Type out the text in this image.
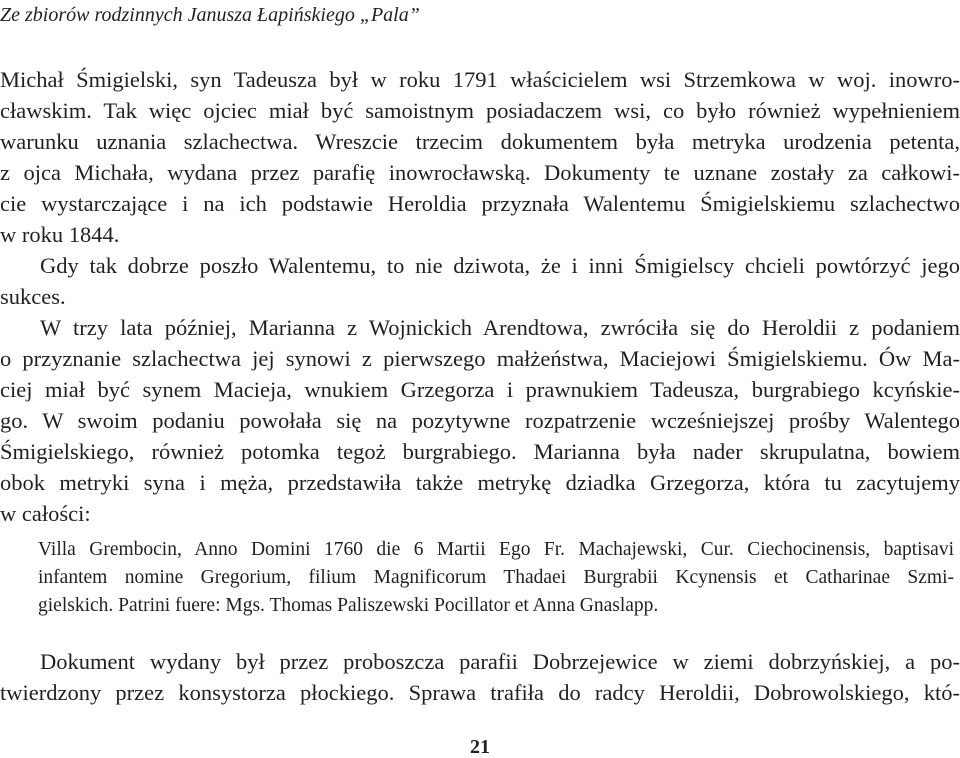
Ze zbiorów rodzinnych Janusza Łapińskiego „Pala”
Michał Śmigielski, syn Tadeusza był w roku 1791 właścicielem wsi Strzemkowa w woj. inowro-
cławskim. Tak więc ojciec miał być samoistnym posiadaczem wsi, co było również wypełnieniem
warunku uznania szlachectwa. Wreszcie trzecim dokumentem była metryka urodzenia petenta,
z ojca Michała, wydana przez parafię inowrocławską. Dokumenty te uznane zostały za całkowi-
cie wystarczające i na ich podstawie Heroldia przyznała Walentemu Śmigielskiemu szlachectwo
w roku 1844.
Gdy tak dobrze poszło Walentemu, to nie dziwota, że i inni Śmigielscy chcieli powtórzyć jego
sukces.
W trzy lata później, Marianna z Wojnickich Arendtowa, zwróciła się do Heroldii z podaniem
o przyznanie szlachectwa jej synowi z pierwszego małżeństwa, Maciejowi Śmigielskiemu. Ów Ma-
ciej miał być synem Macieja, wnukiem Grzegorza i prawnukiem Tadeusza, burgrabiego kcyńskie-
go. W swoim podaniu powołała się na pozytywne rozpatrzenie wcześniejszej prośby Walentego
Śmigielskiego, również potomka tegoż burgrabiego. Marianna była nader skrupulatna, bowiem
obok metryki syna i męża, przedstawiła także metrykę dziadka Grzegorza, która tu zacytujemy
w całości:
Villa Grembocin, Anno Domini 1760 die 6 Martii Ego Fr. Machajewski, Cur. Ciechocinensis, baptisavi
infantem nomine Gregorium, filium Magnificorum Thadaei Burgrabii Kcynensis et Catharinae Szmi-
gielskich. Patrini fuere: Mgs. Thomas Paliszewski Pocillator et Anna Gnaslapp.
Dokument wydany był przez proboszcza parafii Dobrzejewice w ziemi dobrzyńskiej, a po-
twierdzony przez konsystorza płockiego. Sprawa trafiła do radcy Heroldii, Dobrowolskiego, któ-
21
